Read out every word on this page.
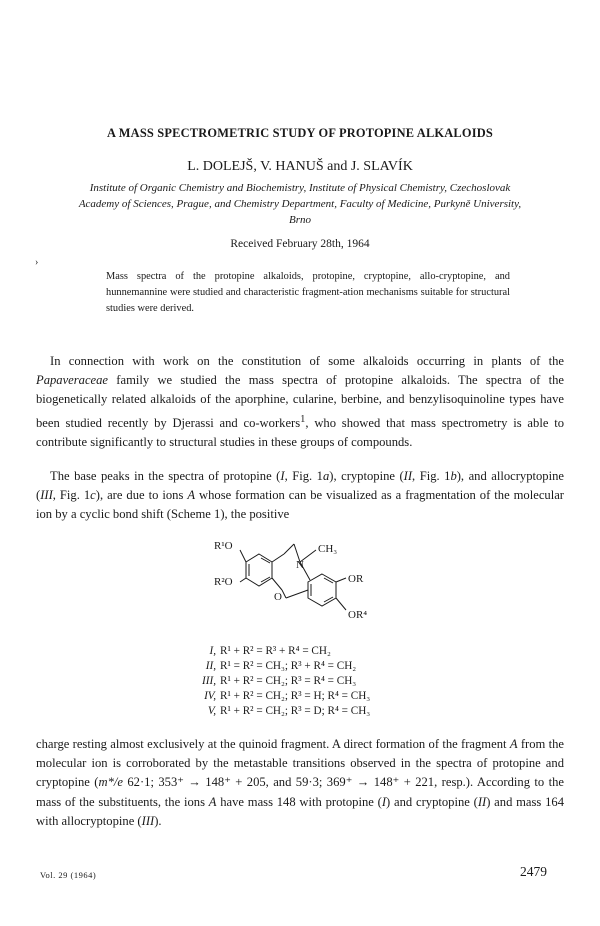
A MASS SPECTROMETRIC STUDY OF PROTOPINE ALKALOIDS
L. DOLEJŠ, V. HANUŠ and J. SLAVÍK
Institute of Organic Chemistry and Biochemistry, Institute of Physical Chemistry, Czechoslovak
Academy of Sciences, Prague, and Chemistry Department, Faculty of Medicine, Purkyně University,
Brno
Received February 28th, 1964
›
Mass spectra of the protopine alkaloids, protopine, cryptopine, allo-cryptopine, and hunnemannine were studied and characteristic fragment-ation mechanisms suitable for structural studies were derived.

In connection with work on the constitution of some alkaloids occurring in plants of the Papaveraceae family we studied the mass spectra of protopine alkaloids. The spectra of the biogenetically related alkaloids of the aporphine, cularine, berbine, and benzylisoquinoline types have been studied recently by Djerassi and co-workers$^1$, who showed that mass spectrometry is able to contribute significantly to structural studies in these groups of compounds.

The base peaks in the spectra of protopine (I, Fig. 1a), cryptopine (II, Fig. 1b), and allocryptopine (III, Fig. 1c), are due to ions A whose formation can be visualized as a fragmentation of the molecular ion by a cyclic bond shift (Scheme 1), the positive

R¹O
R²O
N
CH₃
O
OR
OR⁴
I, R¹ + R² = R³ + R⁴ = CH₂
II, R¹ = R² = CH₃; R³ + R⁴ = CH₂
III, R¹ + R² = CH₂; R³ = R⁴ = CH₃
IV, R¹ + R² = CH₂; R³ = H; R⁴ = CH₃
V, R¹ + R² = CH₂; R³ = D; R⁴ = CH₃

charge resting almost exclusively at the quinoid fragment. A direct formation of the fragment A from the molecular ion is corroborated by the metastable transitions observed in the spectra of protopine and cryptopine (m*/e 62·1; 353⁺ → 148⁺ + 205, and 59·3; 369⁺ → 148⁺ + 221, resp.). According to the mass of the substituents, the ions A have mass 148 with protopine (I) and cryptopine (II) and mass 164 with allocryptopine (III).

Vol. 29 (1964)	2479
